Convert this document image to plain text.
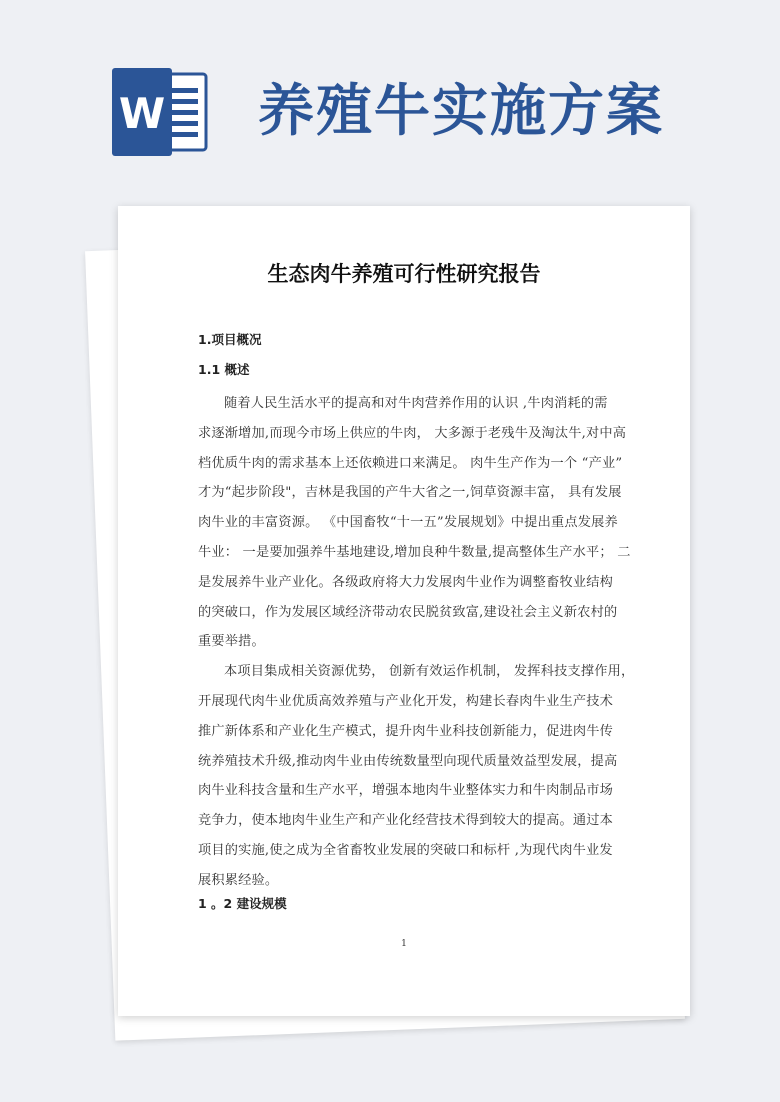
W 养殖牛实施方案
生态肉牛养殖可行性研究报告
1.项目概况
1.1 概述

随着人民生活水平的提高和对牛肉营养作用的认识 ,牛肉消耗的需

求逐渐增加,而现今市场上供应的牛肉， 大多源于老残牛及淘汰牛,对中高

档优质牛肉的需求基本上还依赖进口来满足。 肉牛生产作为一个 “产业”

才为“起步阶段"，吉林是我国的产牛大省之一,饲草资源丰富， 具有发展

肉牛业的丰富资源。 《中国畜牧“十一五”发展规划》中提出重点发展养

牛业： 一是要加强养牛基地建设,增加良种牛数量,提高整体生产水平； 二

是发展养牛业产业化。各级政府将大力发展肉牛业作为调整畜牧业结构

的突破口，作为发展区域经济带动农民脱贫致富,建设社会主义新农村的

重要举措。

本项目集成相关资源优势， 创新有效运作机制， 发挥科技支撑作用，

开展现代肉牛业优质高效养殖与产业化开发，构建长春肉牛业生产技术

推广新体系和产业化生产模式，提升肉牛业科技创新能力，促进肉牛传

统养殖技术升级,推动肉牛业由传统数量型向现代质量效益型发展，提高

肉牛业科技含量和生产水平，增强本地肉牛业整体实力和牛肉制品市场

竞争力，使本地肉牛业生产和产业化经营技术得到较大的提高。通过本

项目的实施,使之成为全省畜牧业发展的突破口和标杆 ,为现代肉牛业发

展积累经验。

1 。2 建设规模
1
